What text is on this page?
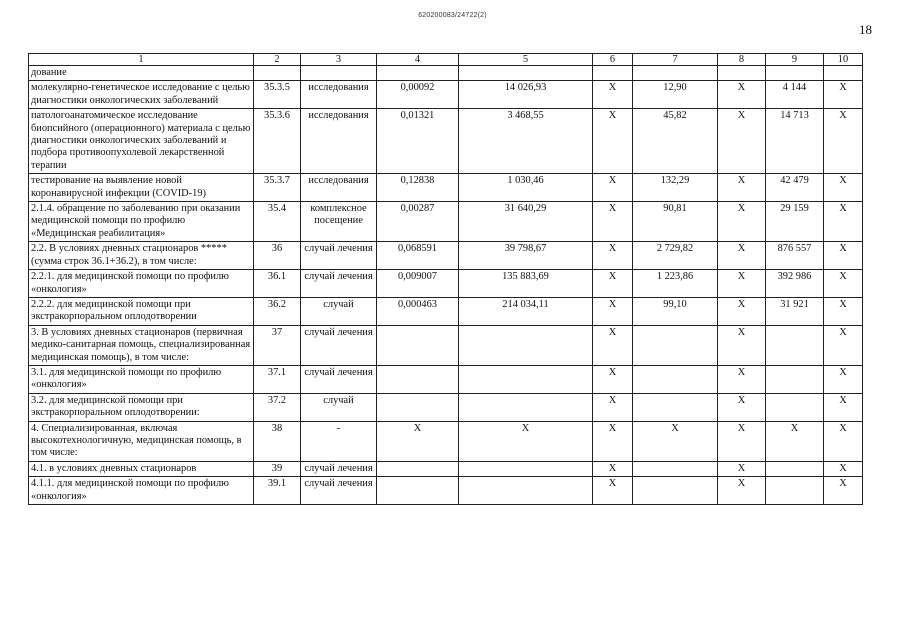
620200083/24722(2)
18
1	2	3	4	5	6	7	8	9	10
дование									
молекулярно-генетическое исследование с целью диагностики онкологических заболеваний	35.3.5	исследования	0,00092	14 026,93	Х	12,90	Х	4 144	Х
патологоанатомическое исследование биопсийного (операционного) материала с целью диагностики онкологических заболеваний и подбора противоопухолевой лекарственной терапии	35.3.6	исследования	0,01321	3 468,55	Х	45,82	Х	14 713	Х
тестирование на выявление новой коронавирусной инфекции (COVID-19)	35.3.7	исследования	0,12838	1 030,46	Х	132,29	Х	42 479	Х
2.1.4. обращение по заболеванию при оказании медицинской помощи по профилю «Медицинская реабилитация»	35.4	комплексное посещение	0,00287	31 640,29	Х	90,81	Х	29 159	Х
2.2. В условиях дневных стационаров ***** (сумма строк 36.1+36.2), в том числе:	36	случай лечения	0,068591	39 798,67	Х	2 729,82	Х	876 557	Х
2.2.1. для медицинской помощи по профилю «онкология»	36.1	случай лечения	0,009007	135 883,69	Х	1 223,86	Х	392 986	Х
2.2.2. для медицинской помощи при экстракорпоральном оплодотворении	36.2	случай	0,000463	214 034,11	Х	99,10	Х	31 921	Х
3. В условиях дневных стационаров (первичная медико-санитарная помощь, специализированная медицинская помощь), в том числе:	37	случай лечения			Х		Х		Х
3.1. для медицинской помощи по профилю «онкология»	37.1	случай лечения			Х		Х		Х
3.2. для медицинской помощи при экстракорпоральном оплодотворении:	37.2	случай			Х		Х		Х
4. Специализированная, включая высокотехнологичную, медицинская помощь, в том числе:	38	-	Х	Х	Х	Х	Х	Х	Х
4.1. в условиях дневных стационаров	39	случай лечения			Х		Х		Х
4.1.1. для медицинской помощи по профилю «онкология»	39.1	случай лечения			Х		Х		Х
